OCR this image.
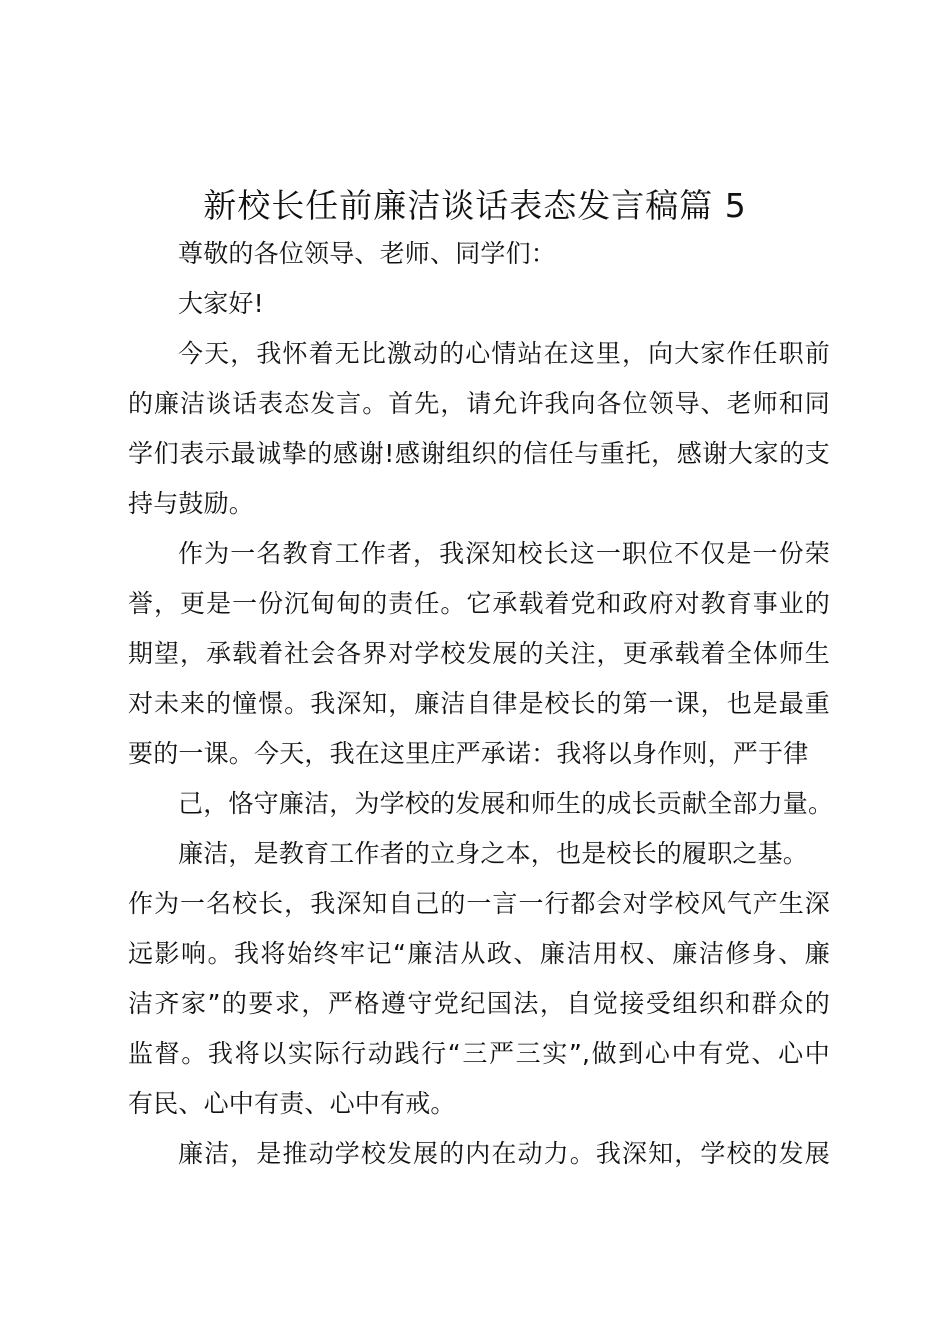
新校长任前廉洁谈话表态发言稿篇 5
尊敬的各位领导、老师、同学们：
大家好!
今天，我怀着无比激动的心情站在这里，向大家作任职前
的廉洁谈话表态发言。首先，请允许我向各位领导、老师和同
学们表示最诚挚的感谢!感谢组织的信任与重托，感谢大家的支
持与鼓励。
作为一名教育工作者，我深知校长这一职位不仅是一份荣
誉，更是一份沉甸甸的责任。它承载着党和政府对教育事业的
期望，承载着社会各界对学校发展的关注，更承载着全体师生
对未来的憧憬。我深知，廉洁自律是校长的第一课，也是最重
要的一课。今天，我在这里庄严承诺：我将以身作则，严于律
己，恪守廉洁，为学校的发展和师生的成长贡献全部力量。
廉洁，是教育工作者的立身之本，也是校长的履职之基。
作为一名校长，我深知自己的一言一行都会对学校风气产生深
远影响。我将始终牢记“廉洁从政、廉洁用权、廉洁修身、廉
洁齐家”的要求，严格遵守党纪国法，自觉接受组织和群众的
监督。我将以实际行动践行“三严三实”,做到心中有党、心中
有民、心中有责、心中有戒。
廉洁，是推动学校发展的内在动力。我深知，学校的发展
